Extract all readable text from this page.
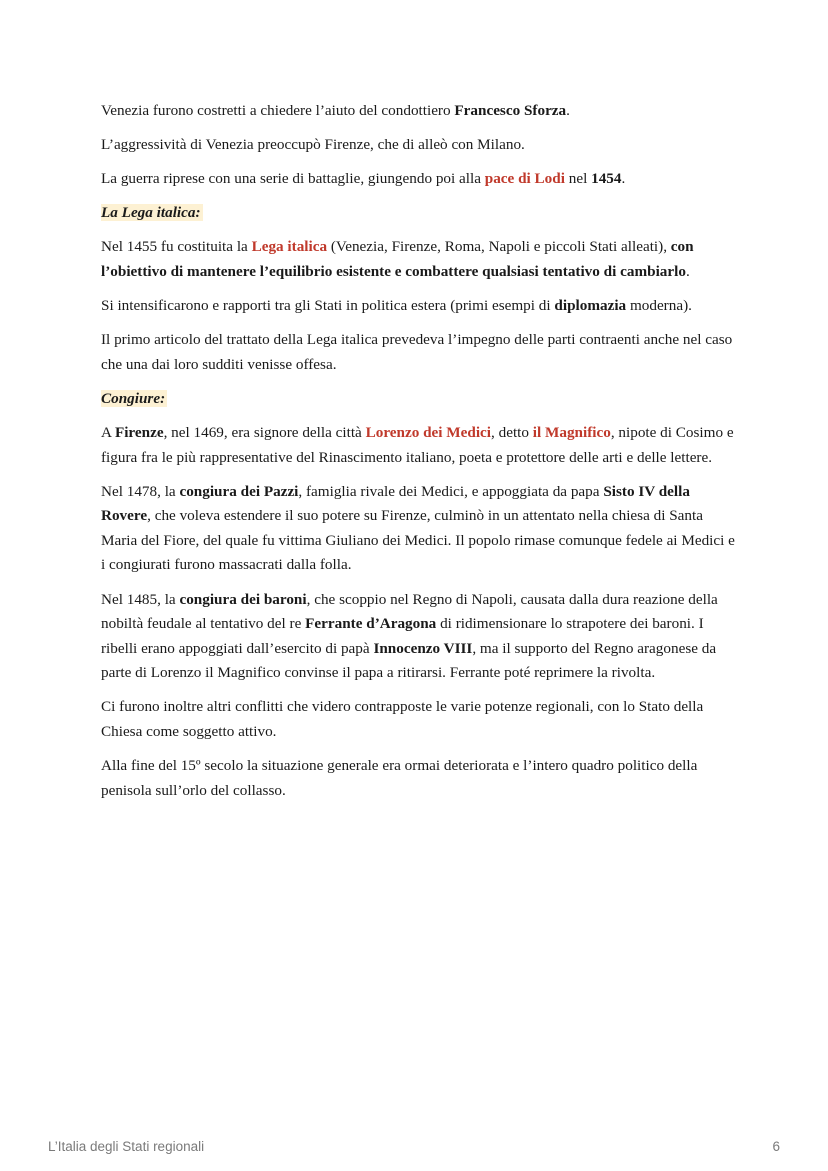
Venezia furono costretti a chiedere l’aiuto del condottiero Francesco Sforza.

L’aggressività di Venezia preoccupò Firenze, che di alleò con Milano.

La guerra riprese con una serie di battaglie, giungendo poi alla pace di Lodi nel 1454.

La Lega italica:

Nel 1455 fu costituita la Lega italica (Venezia, Firenze, Roma, Napoli e piccoli Stati alleati), con l’obiettivo di mantenere l’equilibrio esistente e combattere qualsiasi tentativo di cambiarlo.

Si intensificarono e rapporti tra gli Stati in politica estera (primi esempi di diplomazia moderna).

Il primo articolo del trattato della Lega italica prevedeva l’impegno delle parti contraenti anche nel caso che una dai loro sudditi venisse offesa.

Congiure:

A Firenze, nel 1469, era signore della città Lorenzo dei Medici, detto il Magnifico, nipote di Cosimo e figura fra le più rappresentative del Rinascimento italiano, poeta e protettore delle arti e delle lettere.

Nel 1478, la congiura dei Pazzi, famiglia rivale dei Medici, e appoggiata da papa Sisto IV della Rovere, che voleva estendere il suo potere su Firenze, culminò in un attentato nella chiesa di Santa Maria del Fiore, del quale fu vittima Giuliano dei Medici. Il popolo rimase comunque fedele ai Medici e i congiurati furono massacrati dalla folla.

Nel 1485, la congiura dei baroni, che scoppio nel Regno di Napoli, causata dalla dura reazione della nobiltà feudale al tentativo del re Ferrante d’Aragona di ridimensionare lo strapotere dei baroni. I ribelli erano appoggiati dall’esercito di papà Innocenzo VIII, ma il supporto del Regno aragonese da parte di Lorenzo il Magnifico convinse il papa a ritirarsi. Ferrante poté reprimere la rivolta.

Ci furono inoltre altri conflitti che videro contrapposte le varie potenze regionali, con lo Stato della Chiesa come soggetto attivo.

Alla fine del 15º secolo la situazione generale era ormai deteriorata e l’intero quadro politico della penisola sull’orlo del collasso.

L’Italia degli Stati regionali	6
